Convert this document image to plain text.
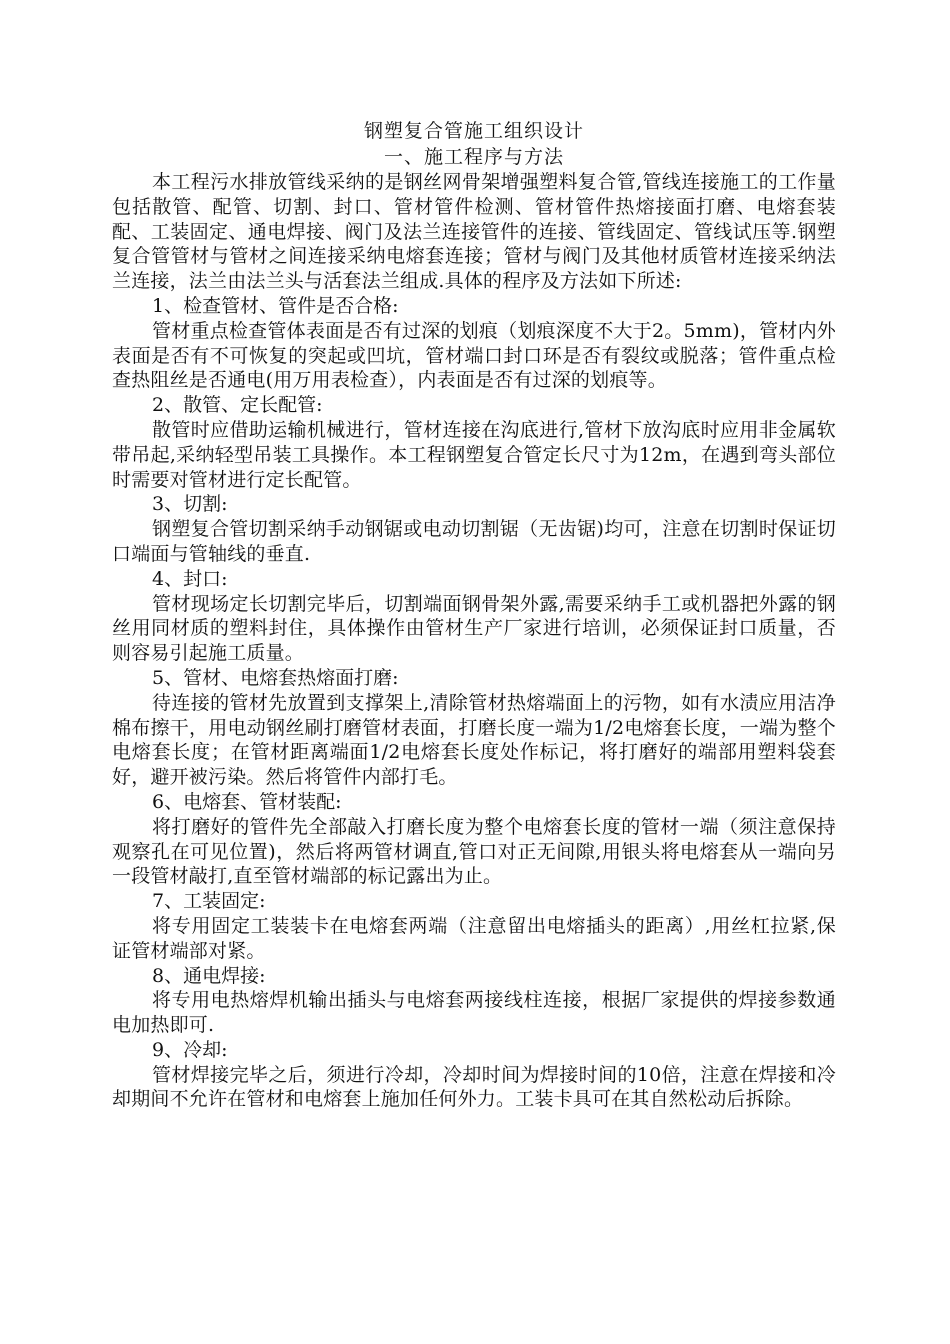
钢塑复合管施工组织设计
一、施工程序与方法

本工程污水排放管线采纳的是钢丝网骨架增强塑料复合管,管线连接施工的工作量包括散管、配管、切割、封口、管材管件检测、管材管件热熔接面打磨、电熔套装配、工装固定、通电焊接、阀门及法兰连接管件的连接、管线固定、管线试压等.钢塑复合管管材与管材之间连接采纳电熔套连接；管材与阀门及其他材质管材连接采纳法兰连接，法兰由法兰头与活套法兰组成.具体的程序及方法如下所述:

1、检查管材、管件是否合格:

管材重点检查管体表面是否有过深的划痕（划痕深度不大于2。5mm)，管材内外表面是否有不可恢复的突起或凹坑，管材端口封口环是否有裂纹或脱落；管件重点检查热阻丝是否通电(用万用表检查），内表面是否有过深的划痕等。

2、散管、定长配管:

散管时应借助运输机械进行，管材连接在沟底进行,管材下放沟底时应用非金属软带吊起,采纳轻型吊装工具操作。本工程钢塑复合管定长尺寸为12m，在遇到弯头部位时需要对管材进行定长配管。

3、切割:

钢塑复合管切割采纳手动钢锯或电动切割锯（无齿锯)均可，注意在切割时保证切口端面与管轴线的垂直.

4、封口:

管材现场定长切割完毕后，切割端面钢骨架外露,需要采纳手工或机器把外露的钢丝用同材质的塑料封住，具体操作由管材生产厂家进行培训，必须保证封口质量，否则容易引起施工质量。

5、管材、电熔套热熔面打磨:

待连接的管材先放置到支撑架上,清除管材热熔端面上的污物，如有水渍应用洁净棉布擦干，用电动钢丝刷打磨管材表面，打磨长度一端为1/2电熔套长度，一端为整个电熔套长度；在管材距离端面1/2电熔套长度处作标记，将打磨好的端部用塑料袋套好，避开被污染。然后将管件内部打毛。

6、电熔套、管材装配:

将打磨好的管件先全部敲入打磨长度为整个电熔套长度的管材一端（须注意保持观察孔在可见位置)，然后将两管材调直,管口对正无间隙,用银头将电熔套从一端向另一段管材敲打,直至管材端部的标记露出为止。

7、工装固定:

将专用固定工装装卡在电熔套两端（注意留出电熔插头的距离）,用丝杠拉紧,保证管材端部对紧。

8、通电焊接:

将专用电热熔焊机输出插头与电熔套两接线柱连接，根据厂家提供的焊接参数通电加热即可.

9、冷却:

管材焊接完毕之后，须进行冷却，冷却时间为焊接时间的10倍，注意在焊接和冷却期间不允许在管材和电熔套上施加任何外力。工装卡具可在其自然松动后拆除。
